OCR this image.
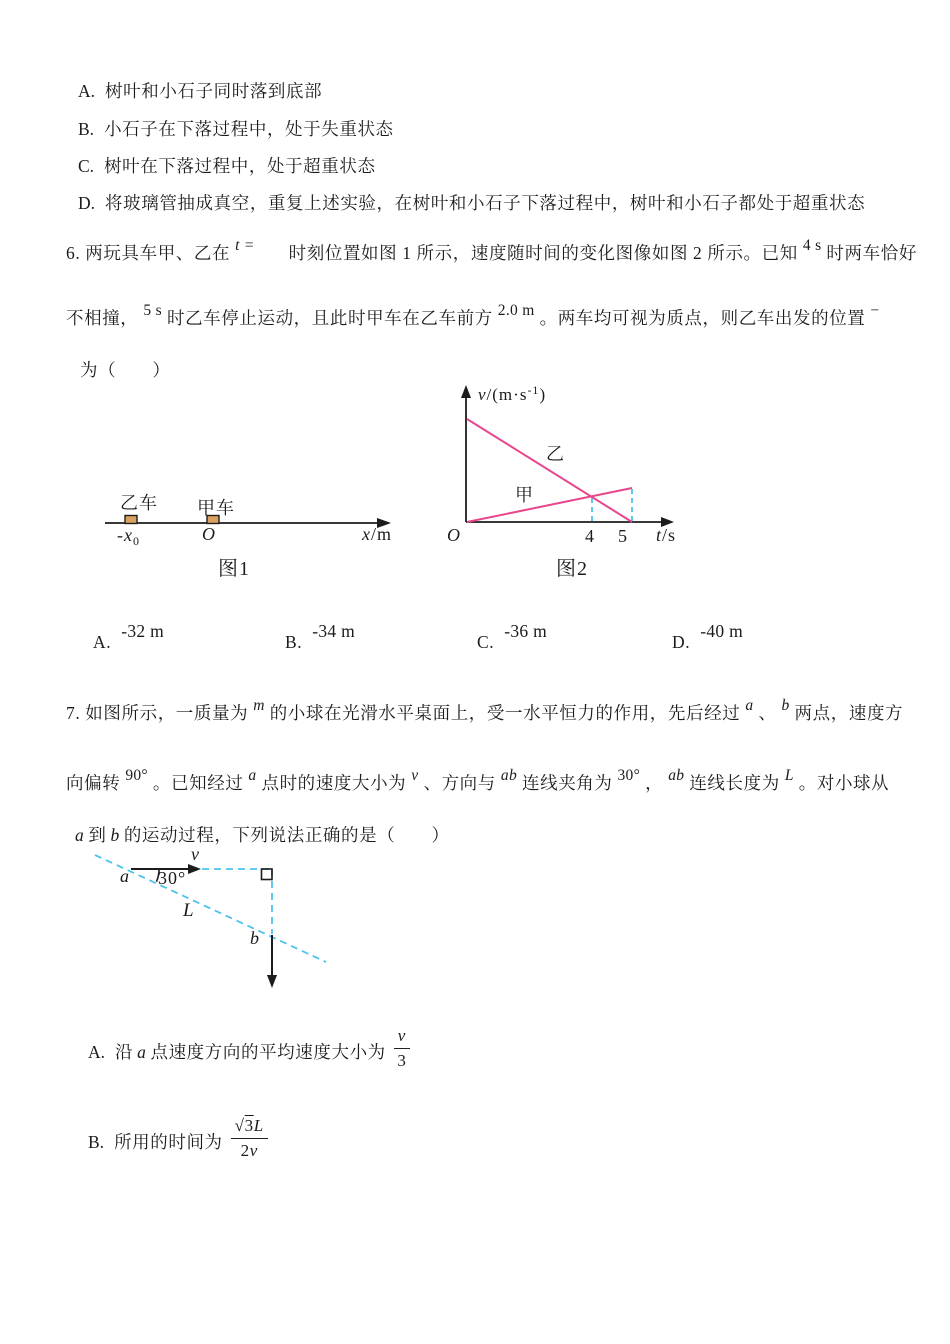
A. 树叶和小石子同时落到底部
B. 小石子在下落过程中，处于失重状态
C. 树叶在下落过程中，处于超重状态
D. 将玻璃管抽成真空，重复上述实验，在树叶和小石子下落过程中，树叶和小石子都处于超重状态
6. 两玩具车甲、乙在 t = 时刻位置如图 1 所示，速度随时间的变化图像如图 2 所示。已知 4 s 时两车恰好
不相撞， 5 s 时乙车停止运动，且此时甲车在乙车前方 2.0 m 。两车均可视为质点，则乙车出发的位置 −
为（　　）
乙车 甲车
-x0	O	x/m
图1
v/(m·s-1)
乙
甲
O	4 5 t/s
图2
A.-32 m
B.-34 m
C.-36 m
D.-40 m
7. 如图所示，一质量为 m 的小球在光滑水平桌面上，受一水平恒力的作用，先后经过 a 、 b 两点，速度方
向偏转 90° 。已知经过 a 点时的速度大小为 v 、方向与 ab 连线夹角为 30° ， ab 连线长度为 L 。对小球从
a 到 b 的运动过程，下列说法正确的是（　　）
v
a 30°
L
b
A. 沿 a 点速度方向的平均速度大小为 $\frac{v}{3}$
B. 所用的时间为 $\frac{√3L}{2v}$
